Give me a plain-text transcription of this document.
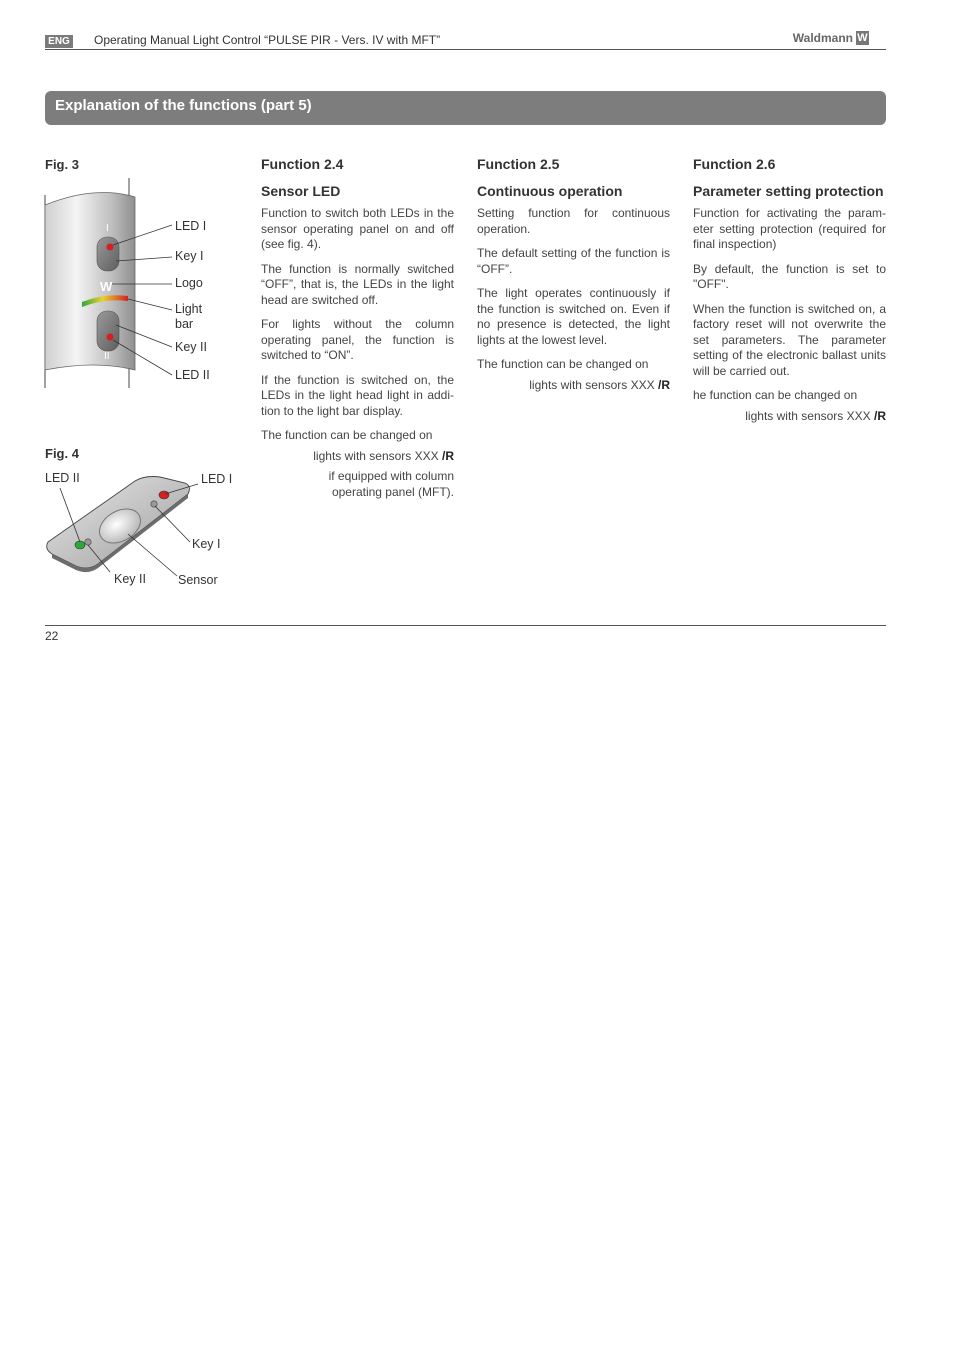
ENG Operating Manual Light Control “PULSE PIR - Vers. IV with MFT”	Waldmann W
Explanation of the functions (part 5)
Fig. 3
I
W
II
LED I
Key I
Logo
Light
bar
Key II
LED II
Fig. 4
LED II	LED I
Key I
Key II	Sensor
Function 2.4
Sensor LED

Function to switch both LEDs in the sensor operating panel on and off (see fig. 4).

The function is normally switched “OFF”, that is, the LEDs in the light head are switched off.

For lights without the column operating panel, the function is switched to “ON”.

If the function is switched on, the LEDs in the light head light in addi-tion to the light bar display.

The function can be changed on

lights with sensors XXX /R

if equipped with column

operating panel (MFT).

Function 2.5
Continuous operation

Setting function for continuous operation.

The default setting of the function is “OFF”.

The light operates continuously if the function is switched on. Even if no presence is detected, the light lights at the lowest level.

The function can be changed on

lights with sensors XXX /R

Function 2.6
Parameter setting protection

Function for activating the param-eter setting protection (required for final inspection)

By default, the function is set to "OFF".

When the function is switched on, a factory reset will not overwrite the set parameters. The parameter setting of the electronic ballast units will be carried out.

he function can be changed on

lights with sensors XXX /R

22
